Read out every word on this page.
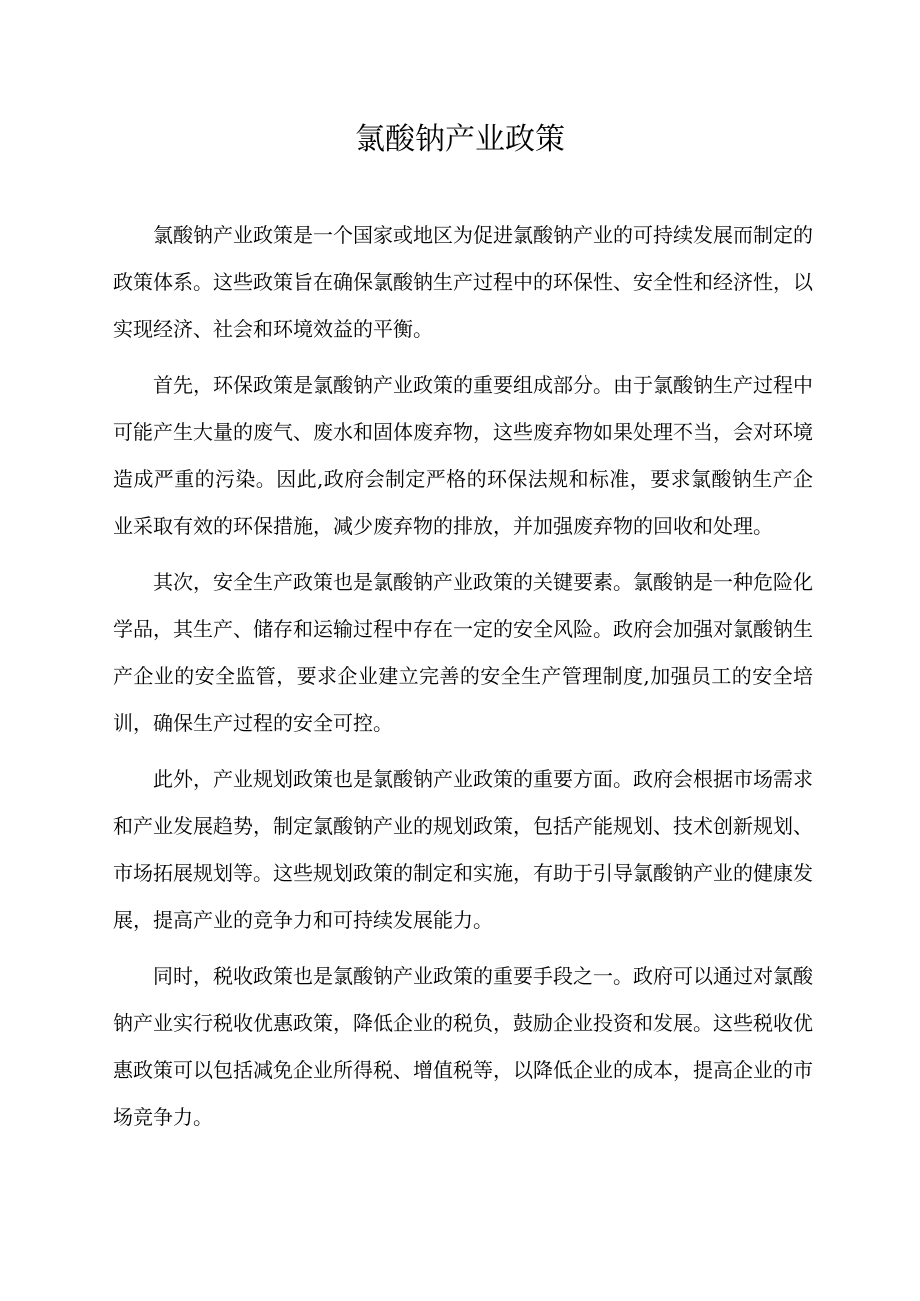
氯酸钠产业政策

氯酸钠产业政策是一个国家或地区为促进氯酸钠产业的可持续发展而制定的政策体系。这些政策旨在确保氯酸钠生产过程中的环保性、安全性和经济性，以实现经济、社会和环境效益的平衡。

首先，环保政策是氯酸钠产业政策的重要组成部分。由于氯酸钠生产过程中可能产生大量的废气、废水和固体废弃物，这些废弃物如果处理不当，会对环境造成严重的污染。因此,政府会制定严格的环保法规和标准，要求氯酸钠生产企业采取有效的环保措施，减少废弃物的排放，并加强废弃物的回收和处理。

其次，安全生产政策也是氯酸钠产业政策的关键要素。氯酸钠是一种危险化学品，其生产、储存和运输过程中存在一定的安全风险。政府会加强对氯酸钠生产企业的安全监管，要求企业建立完善的安全生产管理制度,加强员工的安全培训，确保生产过程的安全可控。

此外，产业规划政策也是氯酸钠产业政策的重要方面。政府会根据市场需求和产业发展趋势，制定氯酸钠产业的规划政策，包括产能规划、技术创新规划、市场拓展规划等。这些规划政策的制定和实施，有助于引导氯酸钠产业的健康发展，提高产业的竞争力和可持续发展能力。

同时，税收政策也是氯酸钠产业政策的重要手段之一。政府可以通过对氯酸钠产业实行税收优惠政策，降低企业的税负，鼓励企业投资和发展。这些税收优惠政策可以包括减免企业所得税、增值税等，以降低企业的成本，提高企业的市场竞争力。
